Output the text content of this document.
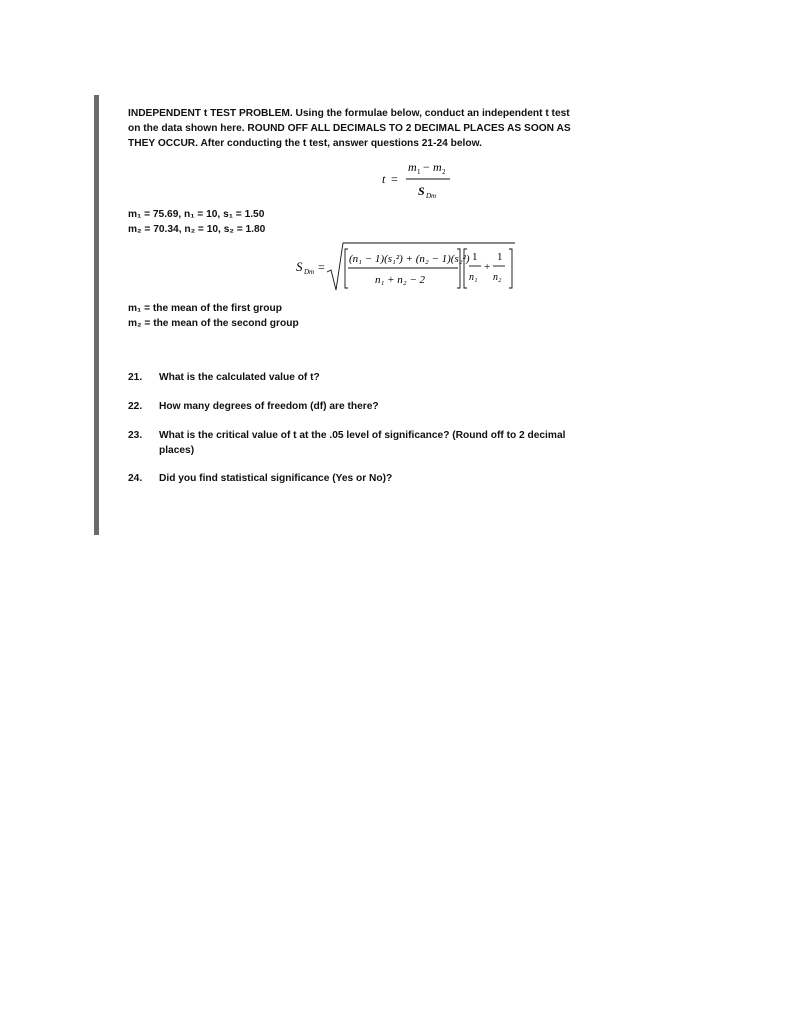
INDEPENDENT t TEST PROBLEM. Using the formulae below, conduct an independent t test

on the data shown here. ROUND OFF ALL DECIMALS TO 2 DECIMAL PLACES AS SOON AS

THEY OCCUR. After conducting the t test, answer questions 21-24 below.

t =
m 1 − m 2
S Dm
m₁ = 75.69, n₁ = 10, s₁ = 1.50
m₂ = 70.34, n₂ = 10, s₂ = 1.80
S Dm =
(n₁ − 1)(s₁²) + (n₂ − 1)(s₂²)
n₁ + n₂ − 2
1
n₁
+
1
n₂
m₁ = the mean of the first group
m₂ = the mean of the second group
21.	What is the calculated value of t?
22.	How many degrees of freedom (df) are there?
23.	What is the critical value of t at the .05 level of significance? (Round off to 2 decimal places)
24.	Did you find statistical significance (Yes or No)?
